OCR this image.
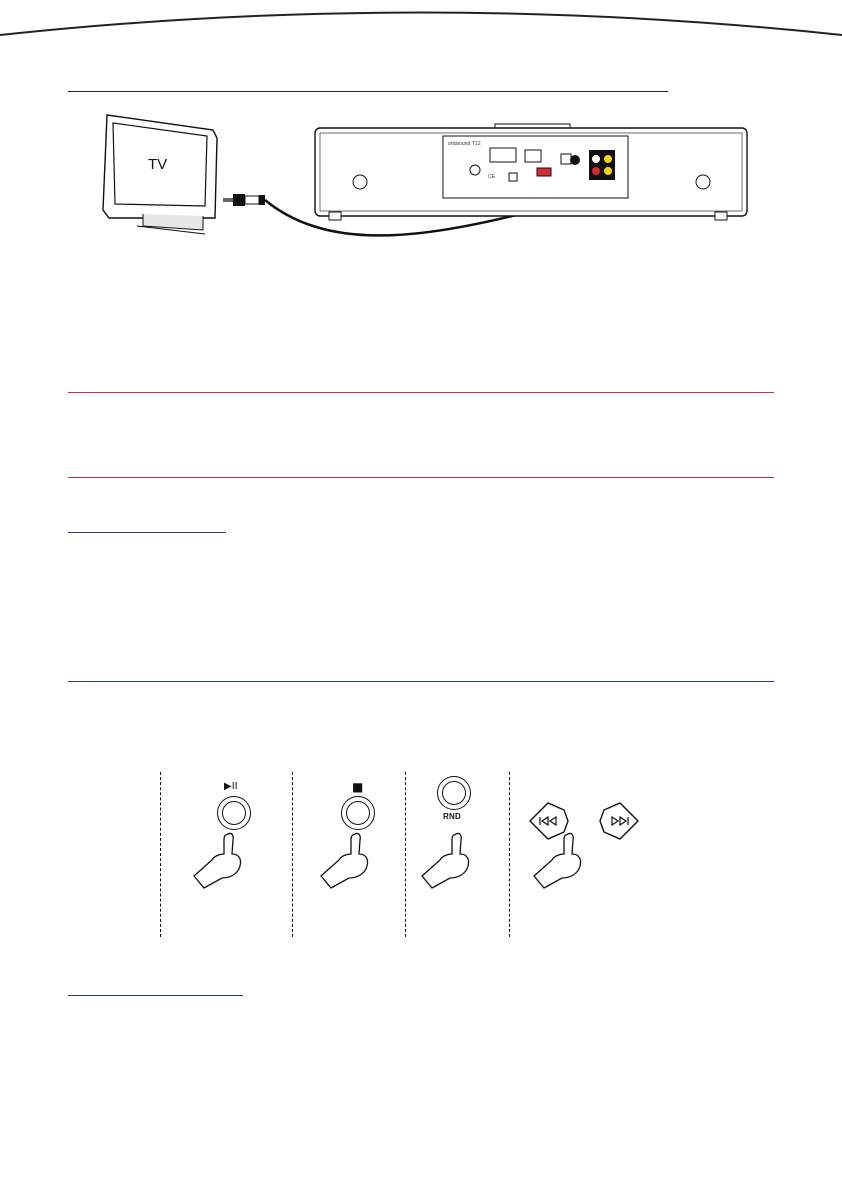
TV
ortdsound T12
CE
▶II	■
RND
